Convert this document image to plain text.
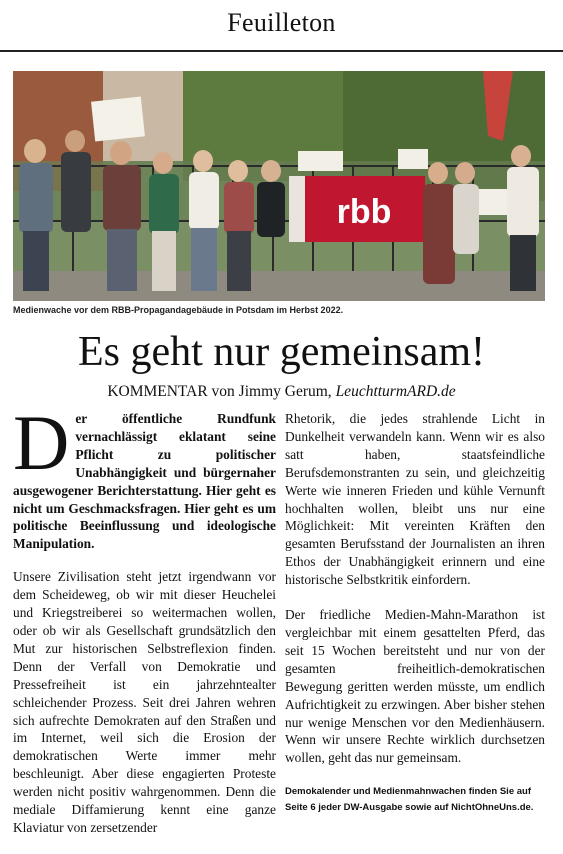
Feuilleton
rbb
Medienwache vor dem RBB-Propagandagebäude in Potsdam im Herbst 2022.
Es geht nur gemeinsam!
KOMMENTAR von Jimmy Gerum, LeuchtturmARD.de
Der öffentliche Rundfunk vernachlässigt eklatant seine Pflicht zu politischer Unabhängigkeit und bürgernaher ausgewogener Berichterstattung. Hier geht es nicht um Geschmacksfragen. Hier geht es um politische Beeinflussung und ideologische Manipulation.

Unsere Zivilisation steht jetzt irgendwann vor dem Scheideweg, ob wir mit dieser Heuchelei und Kriegstreiberei so weitermachen wollen, oder ob wir als Gesellschaft grundsätzlich den Mut zur historischen Selbstreflexion finden. Denn der Verfall von Demokratie und Pressefreiheit ist ein jahrzehntealter schleichender Prozess. Seit drei Jahren wehren sich aufrechte Demokraten auf den Straßen und im Internet, weil sich die Erosion der demokratischen Werte immer mehr beschleunigt. Aber diese engagierten Proteste werden nicht positiv wahrgenommen. Denn die mediale Diffamierung kennt eine ganze Klaviatur von zersetzender

Rhetorik, die jedes strahlende Licht in Dunkelheit verwandeln kann. Wenn wir es also satt haben, staatsfeindliche Berufsdemonstranten zu sein, und gleichzeitig Werte wie inneren Frieden und kühle Vernunft hochhalten wollen, bleibt uns nur eine Möglichkeit: Mit vereinten Kräften den gesamten Berufsstand der Journalisten an ihren Ethos der Unabhängigkeit erinnern und eine historische Selbstkritik einfordern.

Der friedliche Medien-Mahn-Marathon ist vergleichbar mit einem gesattelten Pferd, das seit 15 Wochen bereitsteht und nur von der gesamten freiheitlich-demokratischen Bewegung geritten werden müsste, um endlich Aufrichtigkeit zu erzwingen. Aber bisher stehen nur wenige Menschen vor den Medienhäusern. Wenn wir unsere Rechte wirklich durchsetzen wollen, geht das nur gemeinsam.

Demokalender und Medienmahnwachen finden Sie auf Seite 6 jeder DW-Ausgabe sowie auf NichtOhneUns.de.
